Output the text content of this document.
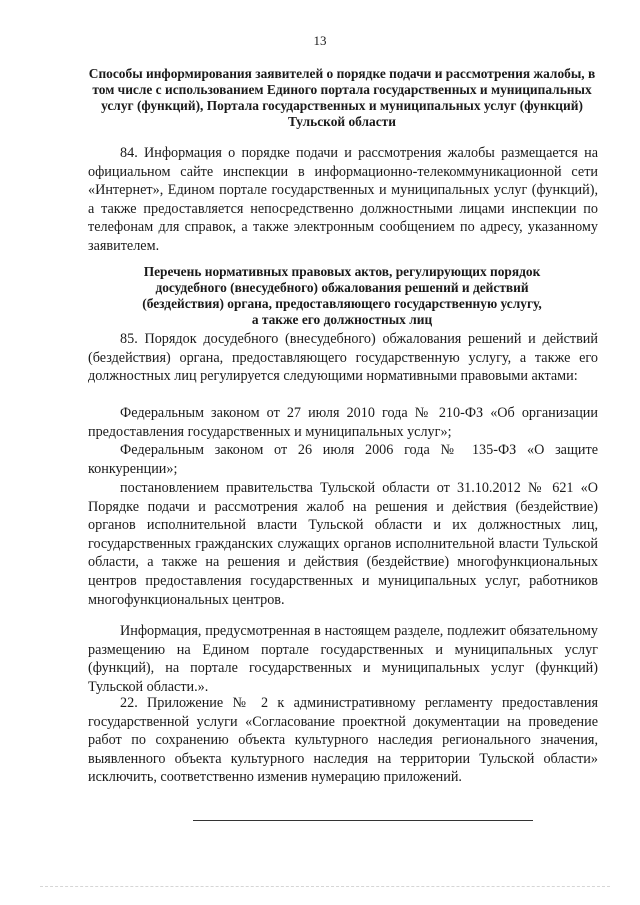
13
Способы информирования заявителей о порядке подачи и рассмотрения жалобы, в том числе с использованием Единого портала государственных и муниципальных услуг (функций), Портала государственных и муниципальных услуг (функций) Тульской области

84. Информация о порядке подачи и рассмотрения жалобы размещается на официальном сайте инспекции в информационно-телекоммуникационной сети «Интернет», Едином портале государственных и муниципальных услуг (функций), а также предоставляется непосредственно должностными лицами инспекции по телефонам для справок, а также электронным сообщением по адресу, указанному заявителем.

Перечень нормативных правовых актов, регулирующих порядок
досудебного (внесудебного) обжалования решений и действий
(бездействия) органа, предоставляющего государственную услугу,
а также его должностных лиц

85. Порядок досудебного (внесудебного) обжалования решений и действий (бездействия) органа, предоставляющего государственную услугу, а также его должностных лиц регулируется следующими нормативными правовыми актами:

Федеральным законом от 27 июля 2010 года № 210-ФЗ «Об организации предоставления государственных и муниципальных услуг»;

Федеральным законом от 26 июля 2006 года № 135-ФЗ «О защите конкуренции»;

постановлением правительства Тульской области от 31.10.2012 № 621 «О Порядке подачи и рассмотрения жалоб на решения и действия (бездействие) органов исполнительной власти Тульской области и их должностных лиц, государственных гражданских служащих органов исполнительной власти Тульской области, а также на решения и действия (бездействие) многофункциональных центров предоставления государственных и муниципальных услуг, работников многофункциональных центров.

Информация, предусмотренная в настоящем разделе, подлежит обязательному размещению на Едином портале государственных и муниципальных услуг (функций), на портале государственных и муниципальных услуг (функций) Тульской области.».

22. Приложение № 2 к административному регламенту предоставления государственной услуги «Согласование проектной документации на проведение работ по сохранению объекта культурного наследия регионального значения, выявленного объекта культурного наследия на территории Тульской области» исключить, соответственно изменив нумерацию приложений.
